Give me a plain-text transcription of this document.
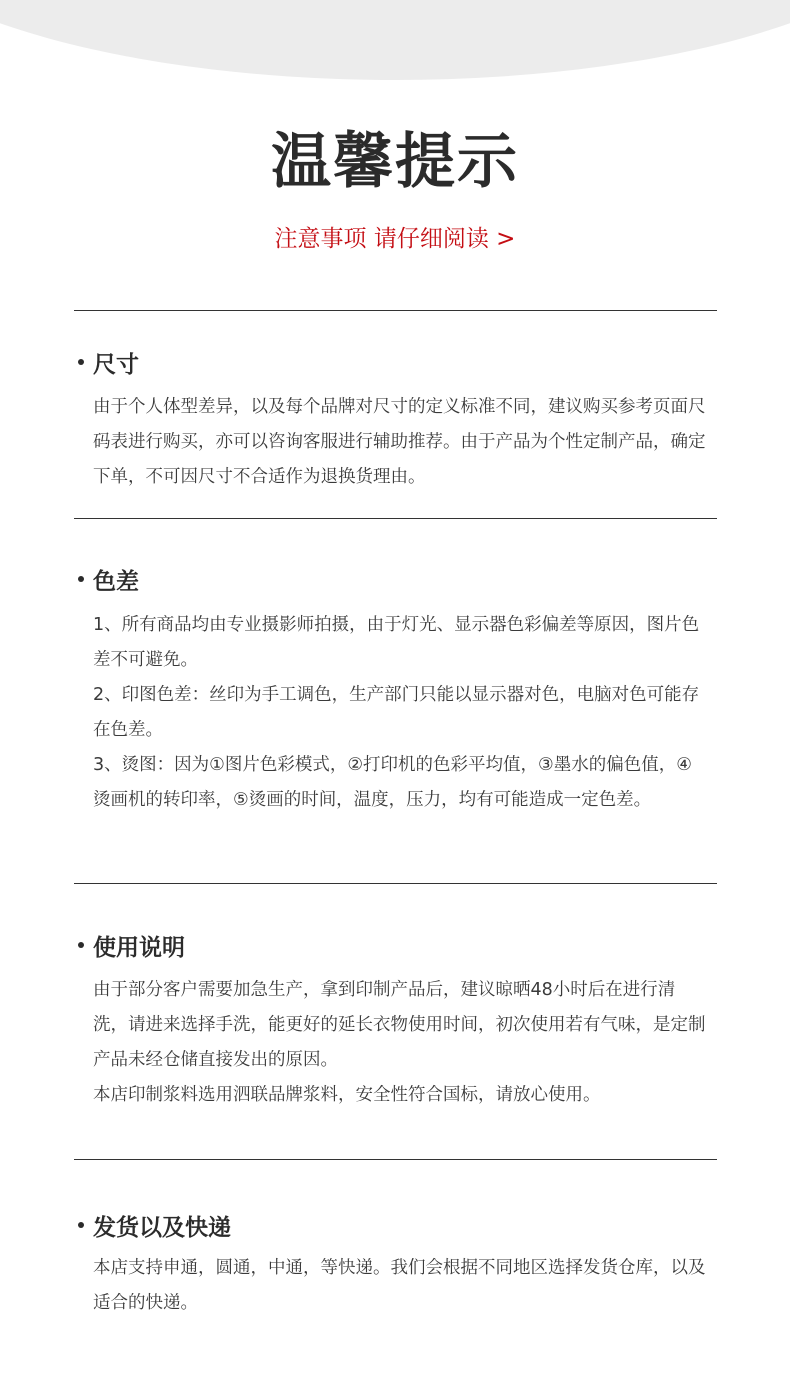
温馨提示
注意事项 请仔细阅读 >
尺寸

由于个人体型差异，以及每个品牌对尺寸的定义标准不同，建议购买参考页面尺码表进行购买，亦可以咨询客服进行辅助推荐。由于产品为个性定制产品，确定下单，不可因尺寸不合适作为退换货理由。

色差

1、所有商品均由专业摄影师拍摄，由于灯光、显示器色彩偏差等原因，图片色差不可避免。

2、印图色差：丝印为手工调色，生产部门只能以显示器对色，电脑对色可能存在色差。

3、烫图：因为①图片色彩模式，②打印机的色彩平均值，③墨水的偏色值，④烫画机的转印率，⑤烫画的时间，温度，压力，均有可能造成一定色差。

使用说明

由于部分客户需要加急生产，拿到印制产品后，建议晾晒48小时后在进行清洗，请进来选择手洗，能更好的延长衣物使用时间，初次使用若有气味，是定制产品未经仓储直接发出的原因。

本店印制浆料选用泗联品牌浆料，安全性符合国标，请放心使用。

发货以及快递

本店支持申通，圆通，中通，等快递。我们会根据不同地区选择发货仓库，以及适合的快递。
